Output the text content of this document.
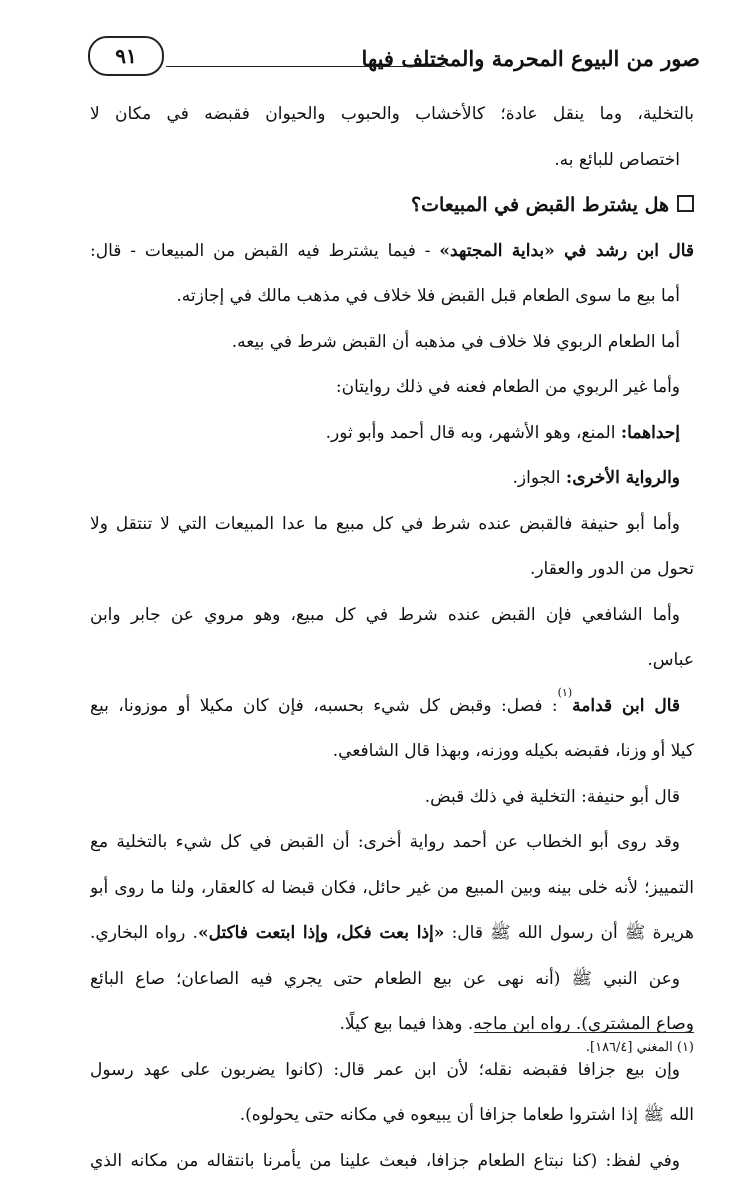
صور من البيوع المحرمة والمختلف فيها
٩١
بالتخلية، وما ينقل عادة؛ كالأخشاب والحبوب والحيوان فقبضه في مكان لا
اختصاص للبائع به.
هل يشترط القبض في المبيعات؟
قال ابن رشد في «بداية المجتهد» - فيما يشترط فيه القبض من المبيعات - قال:
أما بيع ما سوى الطعام قبل القبض فلا خلاف في مذهب مالك في إجازته.
أما الطعام الربوي فلا خلاف في مذهبه أن القبض شرط في بيعه.
وأما غير الربوي من الطعام فعنه في ذلك روايتان:
إحداهما: المنع، وهو الأشهر، وبه قال أحمد وأبو ثور.
والرواية الأخرى: الجواز.
وأما أبو حنيفة فالقبض عنده شرط في كل مبيع ما عدا المبيعات التي لا تنتقل ولا
تحول من الدور والعقار.
وأما الشافعي فإن القبض عنده شرط في كل مبيع، وهو مروي عن جابر وابن
عباس.
قال ابن قدامة$^{(١)}$: فصل: وقبض كل شيء بحسبه، فإن كان مكيلا أو موزونا، بيع
كيلا أو وزنا، فقبضه بكيله ووزنه، وبهذا قال الشافعي.
قال أبو حنيفة: التخلية في ذلك قبض.
وقد روى أبو الخطاب عن أحمد رواية أخرى: أن القبض في كل شيء بالتخلية مع
التمييز؛ لأنه خلى بينه وبين المبيع من غير حائل، فكان قبضا له كالعقار، ولنا ما روى أبو
هريرة ﷺ أن رسول الله ﷺ قال: «إذا بعت فكل، وإذا ابتعت فاكتل». رواه البخاري.
وعن النبي ﷺ (أنه نهى عن بيع الطعام حتى يجري فيه الصاعان؛ صاع البائع
وصاع المشتري). رواه ابن ماجه. وهذا فيما بيع كيلًا.
وإن بيع جزافا فقبضه نقله؛ لأن ابن عمر قال: (كانوا يضربون على عهد رسول
الله ﷺ إذا اشتروا طعاما جزافا أن يبيعوه في مكانه حتى يحولوه).
وفي لفظ: (كنا نبتاع الطعام جزافا، فبعث علينا من يأمرنا بانتقاله من مكانه الذي
(١) المغني [١٨٦/٤].
